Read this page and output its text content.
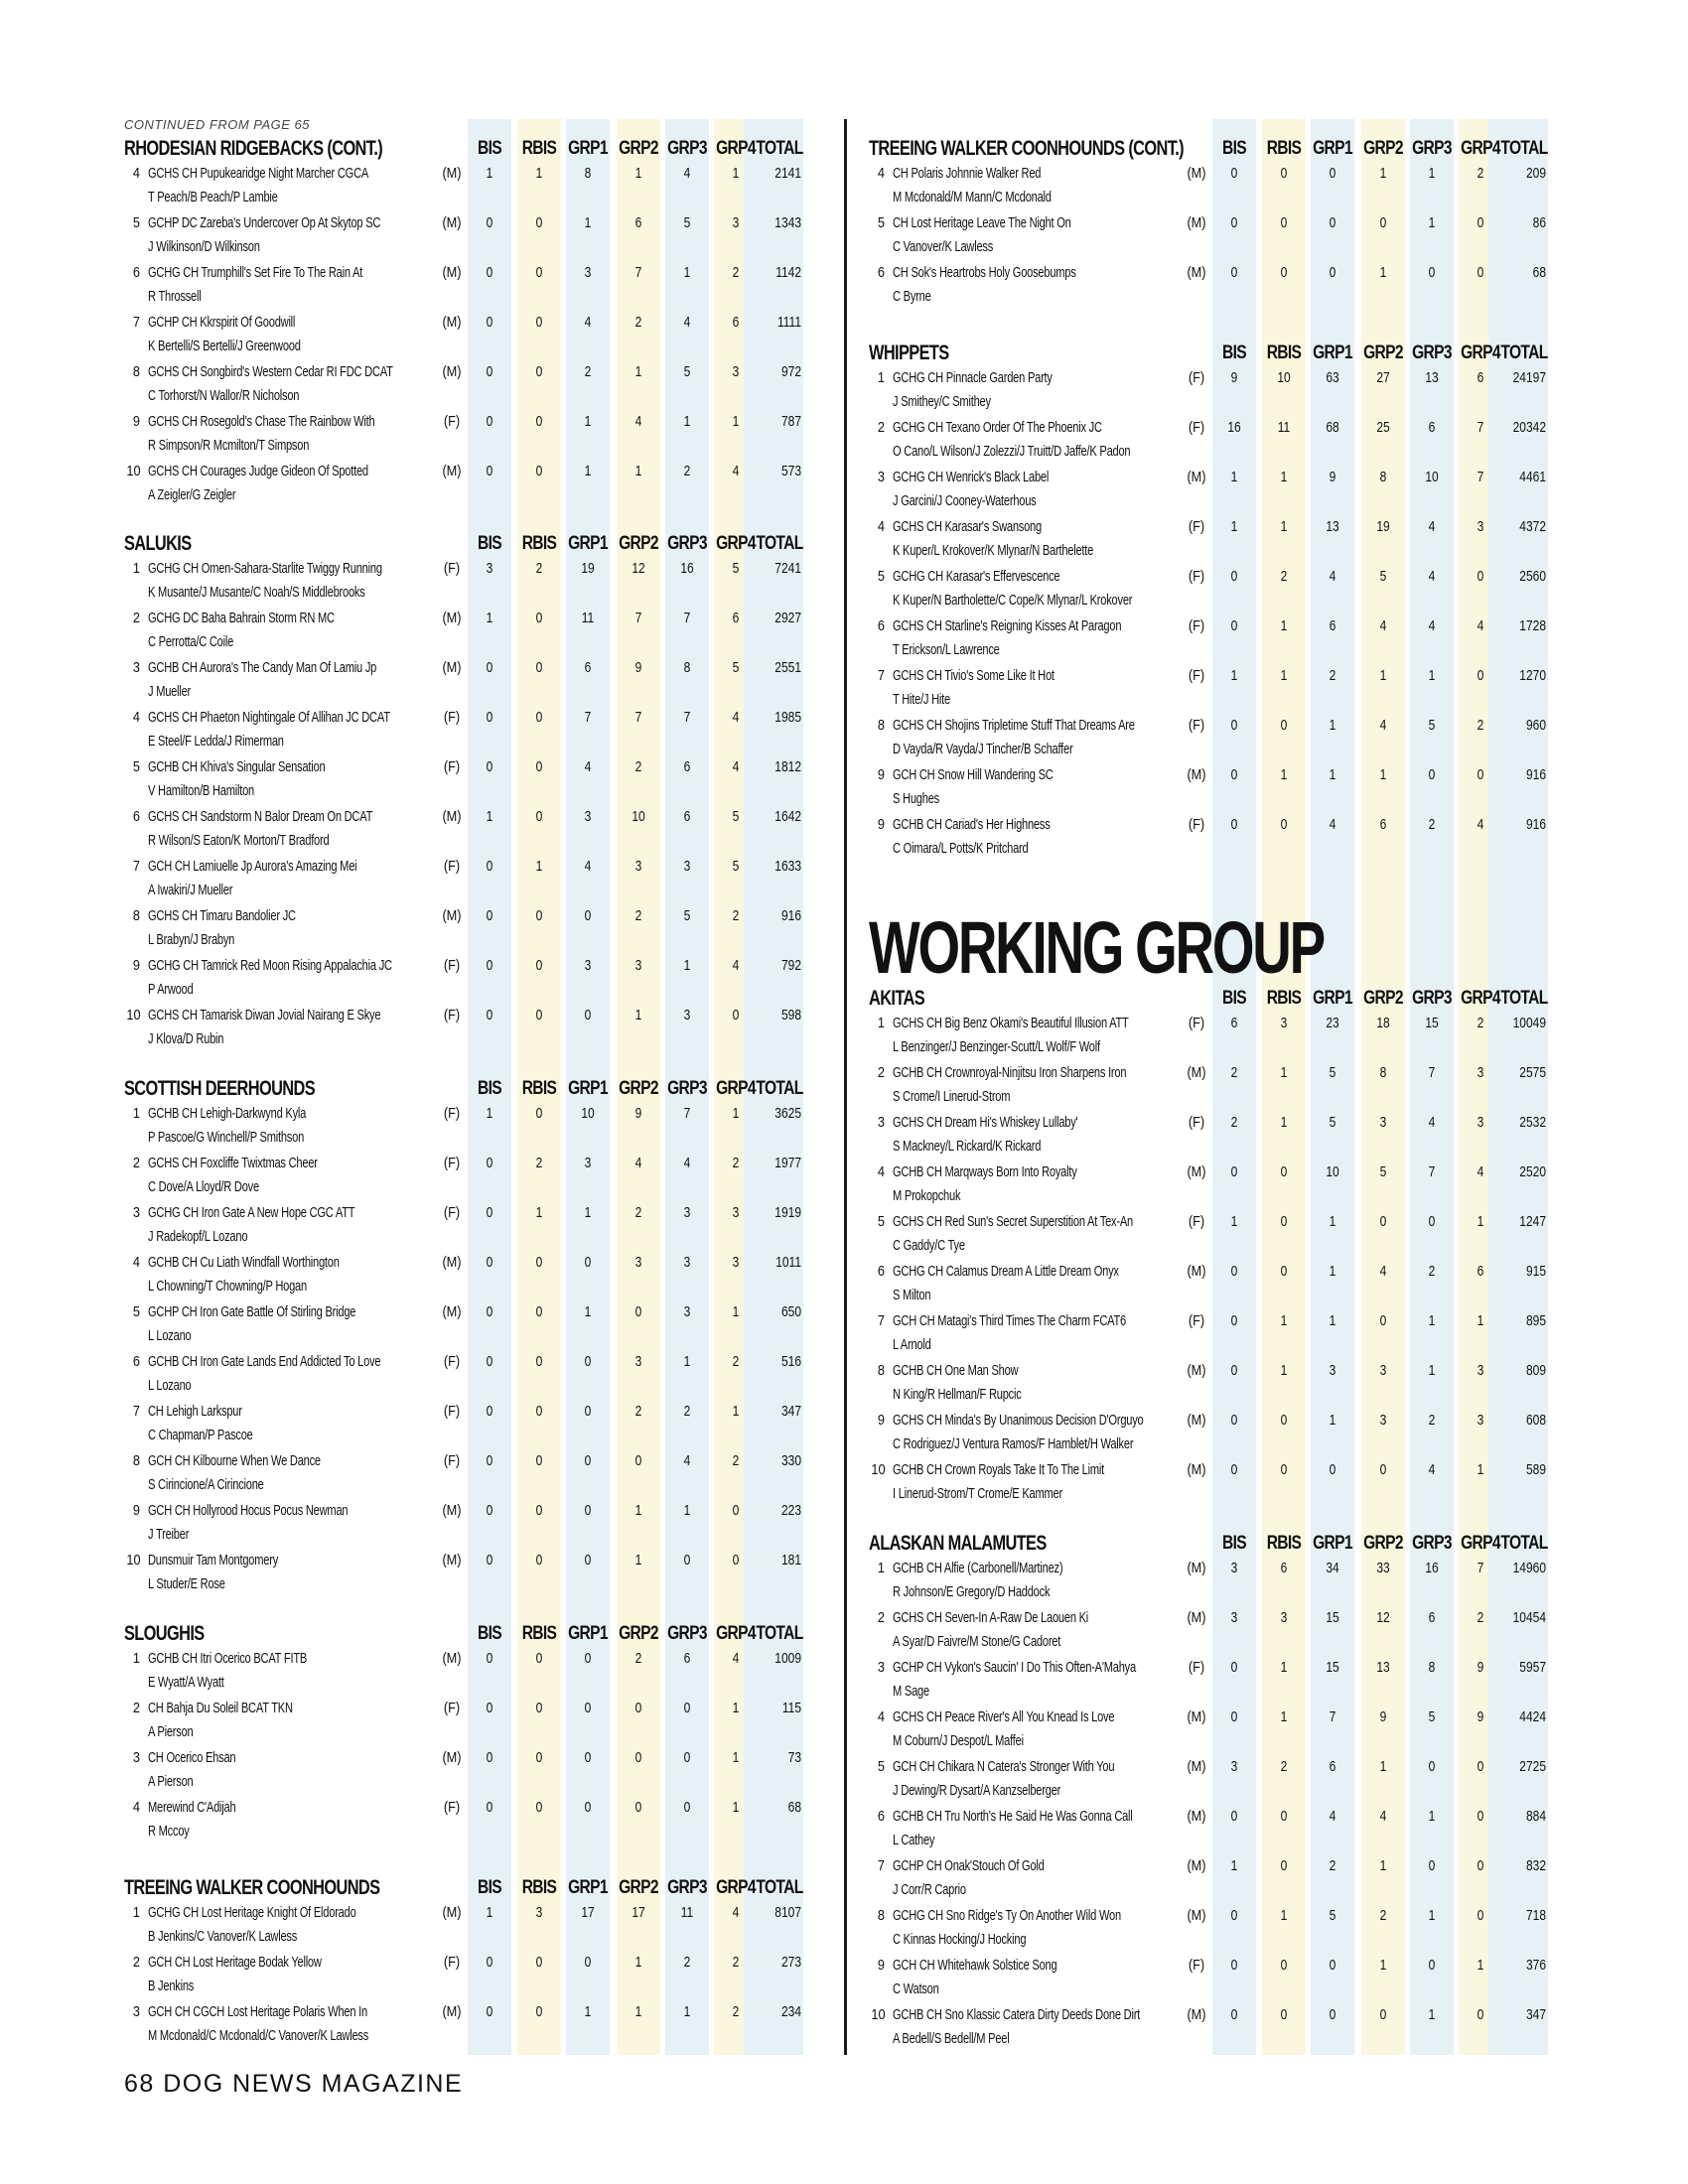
CONTINUED FROM PAGE 65
RHODESIAN RIDGEBACKS (CONT.)	BIS	RBIS GRP1 GRP2 GRP3 GRP4 TOTAL
4 GCHS CH Pupukearidge Night Marcher CGCA
T Peach/B Peach/P Lambie
(M)	1	1	8	1	4	1	2141
5 GCHP DC Zareba's Undercover Op At Skytop SC
J Wilkinson/D Wilkinson
(M)	0	0	1	6	5	3	1343
6 GCHG CH Trumphill's Set Fire To The Rain At
R Throssell
(M)	0	0	3	7	1	2	1142
7 GCHP CH Kkrspirit Of Goodwill
K Bertelli/S Bertelli/J Greenwood
(M)	0	0	4	2	4	6	1111
8 GCHS CH Songbird's Western Cedar RI FDC DCAT
C Torhorst/N Wallor/R Nicholson
(M)	0	0	2	1	5	3	972
9 GCHS CH Rosegold's Chase The Rainbow With
R Simpson/R Mcmilton/T Simpson
(F)	0	0	1	4	1	1	787
10 GCHS CH Courages Judge Gideon Of Spotted
A Zeigler/G Zeigler
(M)	0	0	1	1	2	4	573
SALUKIS	BIS	RBIS GRP1 GRP2 GRP3 GRP4 TOTAL
1 GCHG CH Omen-Sahara-Starlite Twiggy Running
K Musante/J Musante/C Noah/S Middlebrooks
(F)	3	2	19	12	16	5	7241
2 GCHG DC Baha Bahrain Storm RN MC
C Perrotta/C Coile
(M)	1	0	11	7	7	6	2927
3 GCHB CH Aurora's The Candy Man Of Lamiu Jp
J Mueller
(M)	0	0	6	9	8	5	2551
4 GCHS CH Phaeton Nightingale Of Allihan JC DCAT
E Steel/F Ledda/J Rimerman
(F)	0	0	7	7	7	4	1985
5 GCHB CH Khiva's Singular Sensation
V Hamilton/B Hamilton
(F)	0	0	4	2	6	4	1812
6 GCHS CH Sandstorm N Balor Dream On DCAT
R Wilson/S Eaton/K Morton/T Bradford
(M)	1	0	3	10	6	5	1642
7 GCH CH Lamiuelle Jp Aurora's Amazing Mei
A Iwakiri/J Mueller
(F)	0	1	4	3	3	5	1633
8 GCHS CH Timaru Bandolier JC
L Brabyn/J Brabyn
(M)	0	0	0	2	5	2	916
9 GCHG CH Tamrick Red Moon Rising Appalachia JC
P Arwood
(F)	0	0	3	3	1	4	792
10 GCHS CH Tamarisk Diwan Jovial Nairang E Skye
J Klova/D Rubin
(F)	0	0	0	1	3	0	598
SCOTTISH DEERHOUNDS	BIS	RBIS GRP1 GRP2 GRP3 GRP4 TOTAL
1 GCHB CH Lehigh-Darkwynd Kyla
P Pascoe/G Winchell/P Smithson
(F)	1	0	10	9	7	1	3625
2 GCHS CH Foxcliffe Twixtmas Cheer
C Dove/A Lloyd/R Dove
(F)	0	2	3	4	4	2	1977
3 GCHG CH Iron Gate A New Hope CGC ATT
J Radekopf/L Lozano
(F)	0	1	1	2	3	3	1919
4 GCHB CH Cu Liath Windfall Worthington
L Chowning/T Chowning/P Hogan
(M)	0	0	0	3	3	3	1011
5 GCHP CH Iron Gate Battle Of Stirling Bridge
L Lozano
(M)	0	0	1	0	3	1	650
6 GCHB CH Iron Gate Lands End Addicted To Love
L Lozano
(F)	0	0	0	3	1	2	516
7 CH Lehigh Larkspur
C Chapman/P Pascoe
(F)	0	0	0	2	2	1	347
8 GCH CH Kilbourne When We Dance
S Cirincione/A Cirincione
(F)	0	0	0	0	4	2	330
9 GCH CH Hollyrood Hocus Pocus Newman
J Treiber
(M)	0	0	0	1	1	0	223
10 Dunsmuir Tam Montgomery
L Studer/E Rose
(M)	0	0	0	1	0	0	181
SLOUGHIS	BIS	RBIS GRP1 GRP2 GRP3 GRP4 TOTAL
1 GCHB CH Itri Ocerico BCAT FITB
E Wyatt/A Wyatt
(M)	0	0	0	2	6	4	1009
2 CH Bahja Du Soleil BCAT TKN
A Pierson
(F)	0	0	0	0	0	1	115
3 CH Ocerico Ehsan
A Pierson
(M)	0	0	0	0	0	1	73
4 Merewind C'Adijah
R Mccoy
(F)	0	0	0	0	0	1	68
TREEING WALKER COONHOUNDS	BIS	RBIS GRP1 GRP2 GRP3 GRP4 TOTAL
1 GCHG CH Lost Heritage Knight Of Eldorado
B Jenkins/C Vanover/K Lawless
(M)	1	3	17	17	11	4	8107
2 GCH CH Lost Heritage Bodak Yellow
B Jenkins
(F)	0	0	0	1	2	2	273
3 GCH CH CGCH Lost Heritage Polaris When In
M Mcdonald/C Mcdonald/C Vanover/K Lawless
(M)	0	0	1	1	1	2	234
TREEING WALKER COONHOUNDS (CONT.)	BIS	RBIS GRP1 GRP2 GRP3 GRP4 TOTAL
4 CH Polaris Johnnie Walker Red
M Mcdonald/M Mann/C Mcdonald
(M)	0	0	0	1	1	2	209
5 CH Lost Heritage Leave The Night On
C Vanover/K Lawless
(M)	0	0	0	0	1	0	86
6 CH Sok's Heartrobs Holy Goosebumps
C Byrne
(M)	0	0	0	1	0	0	68
WHIPPETS	BIS	RBIS GRP1 GRP2 GRP3 GRP4 TOTAL
1 GCHG CH Pinnacle Garden Party
J Smithey/C Smithey
(F)	9	10	63	27	13	6	24197
2 GCHG CH Texano Order Of The Phoenix JC
O Cano/L Wilson/J Zolezzi/J Truitt/D Jaffe/K Padon
(F)	16	11	68	25	6	7	20342
3 GCHG CH Wenrick's Black Label
J Garcini/J Cooney-Waterhous
(M)	1	1	9	8	10	7	4461
4 GCHS CH Karasar's Swansong
K Kuper/L Krokover/K Mlynar/N Barthelette
(F)	1	1	13	19	4	3	4372
5 GCHG CH Karasar's Effervescence
K Kuper/N Bartholette/C Cope/K Mlynar/L Krokover
(F)	0	2	4	5	4	0	2560
6 GCHS CH Starline's Reigning Kisses At Paragon
T Erickson/L Lawrence
(F)	0	1	6	4	4	4	1728
7 GCHS CH Tivio's Some Like It Hot
T Hite/J Hite
(F)	1	1	2	1	1	0	1270
8 GCHS CH Shojins Tripletime Stuff That Dreams Are
D Vayda/R Vayda/J Tincher/B Schaffer
(F)	0	0	1	4	5	2	960
9 GCH CH Snow Hill Wandering SC
S Hughes
(M)	0	1	1	1	0	0	916
9 GCHB CH Cariad's Her Highness
C Oimara/L Potts/K Pritchard
(F)	0	0	4	6	2	4	916
AKITAS	BIS	RBIS GRP1 GRP2 GRP3 GRP4 TOTAL
1 GCHS CH Big Benz Okami's Beautiful Illusion ATT
L Benzinger/J Benzinger-Scutt/L Wolf/F Wolf
(F)	6	3	23	18	15	2	10049
2 GCHB CH Crownroyal-Ninjitsu Iron Sharpens Iron
S Crome/I Linerud-Strom
(M)	2	1	5	8	7	3	2575
3 GCHS CH Dream Hi's Whiskey Lullaby'
S Mackney/L Rickard/K Rickard
(F)	2	1	5	3	4	3	2532
4 GCHB CH Marqways Born Into Royalty
M Prokopchuk
(M)	0	0	10	5	7	4	2520
5 GCHS CH Red Sun's Secret Superstition At Tex-An
C Gaddy/C Tye
(F)	1	0	1	0	0	1	1247
6 GCHG CH Calamus Dream A Little Dream Onyx
S Milton
(M)	0	0	1	4	2	6	915
7 GCH CH Matagi's Third Times The Charm FCAT6
L Arnold
(F)	0	1	1	0	1	1	895
8 GCHB CH One Man Show
N King/R Hellman/F Rupcic
(M)	0	1	3	3	1	3	809
9 GCHS CH Minda's By Unanimous Decision D'Orguyo
C Rodriguez/J Ventura Ramos/F Hamblet/H Walker
(M)	0	0	1	3	2	3	608
10 GCHB CH Crown Royals Take It To The Limit
I Linerud-Strom/T Crome/E Kammer
(M)	0	0	0	0	4	1	589
ALASKAN MALAMUTES	BIS	RBIS GRP1 GRP2 GRP3 GRP4 TOTAL
1 GCHB CH Alfie (Carbonell/Martinez)
R Johnson/E Gregory/D Haddock
(M)	3	6	34	33	16	7	14960
2 GCHS CH Seven-In A-Raw De Laouen Ki
A Syar/D Faivre/M Stone/G Cadoret
(M)	3	3	15	12	6	2	10454
3 GCHP CH Vykon's Saucin' I Do This Often-A'Mahya
M Sage
(F)	0	1	15	13	8	9	5957
4 GCHS CH Peace River's All You Knead Is Love
M Coburn/J Despot/L Maffei
(M)	0	1	7	9	5	9	4424
5 GCH CH Chikara N Catera's Stronger With You
J Dewing/R Dysart/A Kanzselberger
(M)	3	2	6	1	0	0	2725
6 GCHB CH Tru North's He Said He Was Gonna Call
L Cathey
(M)	0	0	4	4	1	0	884
7 GCHP CH Onak'Stouch Of Gold
J Corr/R Caprio
(M)	1	0	2	1	0	0	832
8 GCHG CH Sno Ridge's Ty On Another Wild Won
C Kinnas Hocking/J Hocking
(M)	0	1	5	2	1	0	718
9 GCH CH Whitehawk Solstice Song
C Watson
(F)	0	0	0	1	0	1	376
10 GCHB CH Sno Klassic Catera Dirty Deeds Done Dirt
A Bedell/S Bedell/M Peel
(M)	0	0	0	0	1	0	347
WORKING GROUP
68 DOG NEWS MAGAZINE
